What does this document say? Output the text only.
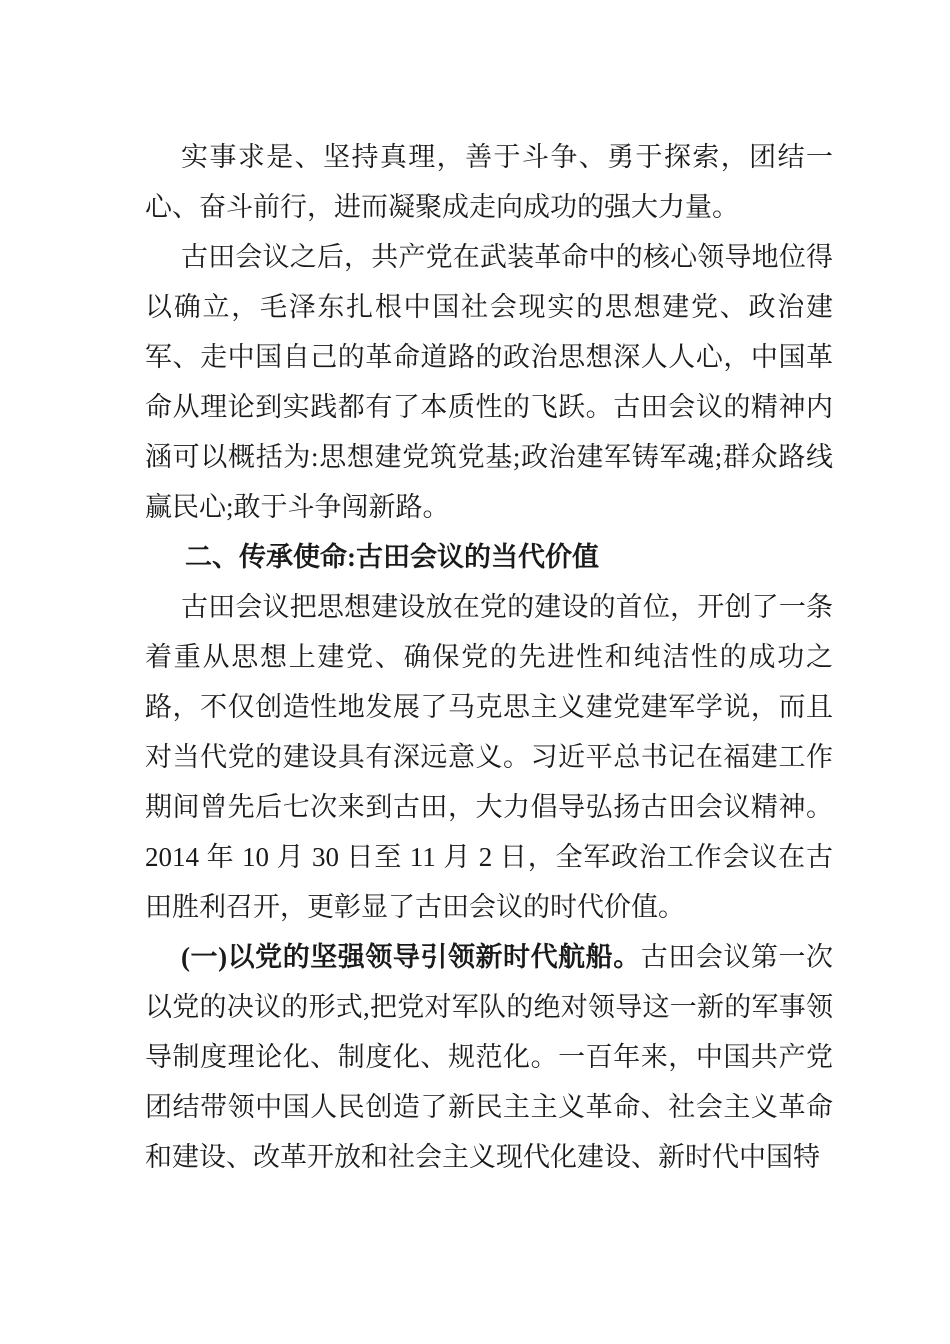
实事求是、坚持真理，善于斗争、勇于探索，团结一心、奋斗前行，进而凝聚成走向成功的强大力量。

古田会议之后，共产党在武装革命中的核心领导地位得以确立，毛泽东扎根中国社会现实的思想建党、政治建军、走中国自己的革命道路的政治思想深人人心，中国革命从理论到实践都有了本质性的飞跃。古田会议的精神内涵可以概括为:思想建党筑党基;政治建军铸军魂;群众路线赢民心;敢于斗争闯新路。

二、传承使命:古田会议的当代价值

古田会议把思想建设放在党的建设的首位，开创了一条着重从思想上建党、确保党的先进性和纯洁性的成功之路，不仅创造性地发展了马克思主义建党建军学说，而且对当代党的建设具有深远意义。习近平总书记在福建工作期间曾先后七次来到古田，大力倡导弘扬古田会议精神。2014 年 10 月 30 日至 11 月 2 日，全军政治工作会议在古田胜利召开，更彰显了古田会议的时代价值。

(一)以党的坚强领导引领新时代航船。古田会议第一次以党的决议的形式,把党对军队的绝对领导这一新的军事领导制度理论化、制度化、规范化。一百年来，中国共产党团结带领中国人民创造了新民主主义革命、社会主义革命和建设、改革开放和社会主义现代化建设、新时代中国特
